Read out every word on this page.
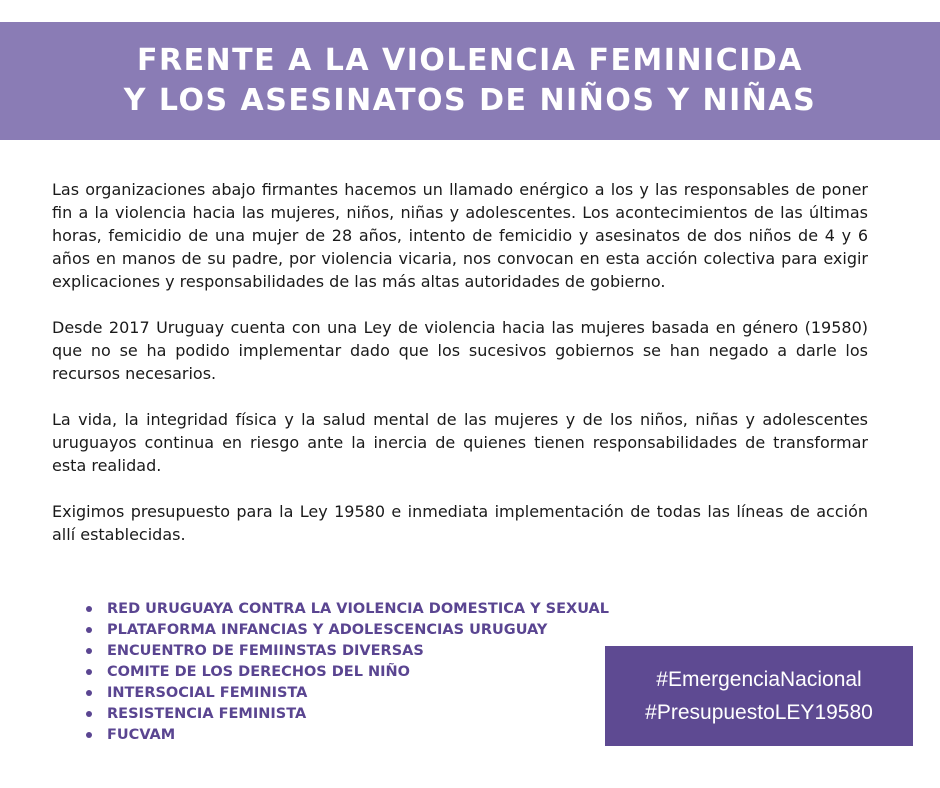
FRENTE A LA VIOLENCIA FEMINICIDA
Y LOS ASESINATOS DE NIÑOS Y NIÑAS

Las organizaciones abajo firmantes hacemos un llamado enérgico a los y las responsables de poner fin a la violencia hacia las mujeres, niños, niñas y adolescentes. Los acontecimientos de las últimas horas, femicidio de una mujer de 28 años, intento de femicidio y asesinatos de dos niños de 4 y 6 años en manos de su padre, por violencia vicaria, nos convocan en esta acción colectiva para exigir explicaciones y responsabilidades de las más altas autoridades de gobierno.

Desde 2017 Uruguay cuenta con una Ley de violencia hacia las mujeres basada en género (19580) que no se ha podido implementar dado que los sucesivos gobiernos se han negado a darle los recursos necesarios.

La vida, la integridad física y la salud mental de las mujeres y de los niños, niñas y adolescentes uruguayos continua en riesgo ante la inercia de quienes tienen responsabilidades de transformar esta realidad.

Exigimos presupuesto para la Ley 19580 e inmediata implementación de todas las líneas de acción allí establecidas.

RED URUGUAYA CONTRA LA VIOLENCIA DOMESTICA Y SEXUAL
PLATAFORMA INFANCIAS Y ADOLESCENCIAS URUGUAY
ENCUENTRO DE FEMIINSTAS DIVERSAS
COMITE DE LOS DERECHOS DEL NIÑO
INTERSOCIAL FEMINISTA
RESISTENCIA FEMINISTA
FUCVAM
#EmergenciaNacional
#PresupuestoLEY19580
